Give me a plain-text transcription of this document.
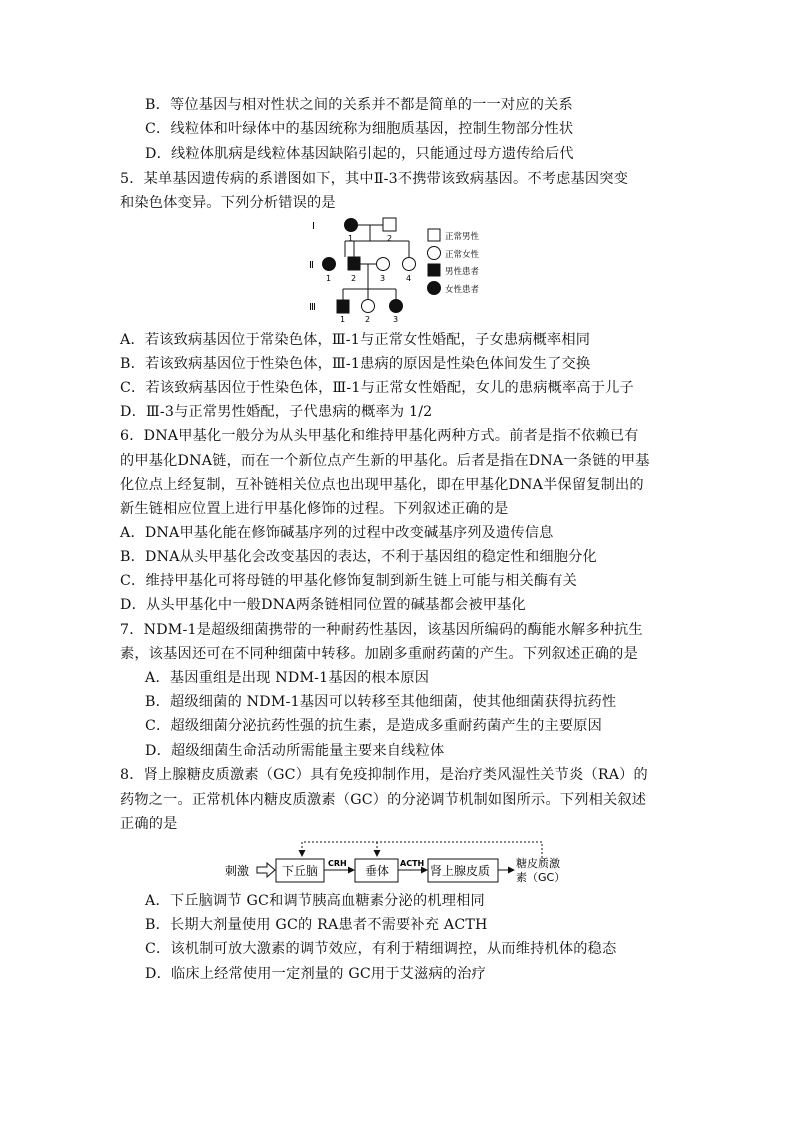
B．等位基因与相对性状之间的关系并不都是简单的一一对应的关系
C．线粒体和叶绿体中的基因统称为细胞质基因，控制生物部分性状
D．线粒体肌病是线粒体基因缺陷引起的，只能通过母方遗传给后代
5．某单基因遗传病的系谱图如下，其中Ⅱ-3不携带该致病基因。不考虑基因突变
和染色体变异。下列分析错误的是
Ⅰ
Ⅱ
Ⅲ
1	2
1 2	3	4
1 2	3
正常男性
正常女性
男性患者
女性患者
A．若该致病基因位于常染色体，Ⅲ-1与正常女性婚配，子女患病概率相同
B．若该致病基因位于性染色体，Ⅲ-1患病的原因是性染色体间发生了交换
C．若该致病基因位于性染色体，Ⅲ-1与正常女性婚配，女儿的患病概率高于儿子
D．Ⅲ-3与正常男性婚配，子代患病的概率为 1/2
6．DNA甲基化一般分为从头甲基化和维持甲基化两种方式。前者是指不依赖已有
的甲基化DNA链，而在一个新位点产生新的甲基化。后者是指在DNA一条链的甲基
化位点上经复制，互补链相关位点也出现甲基化，即在甲基化DNA半保留复制出的
新生链相应位置上进行甲基化修饰的过程。下列叙述正确的是
A．DNA甲基化能在修饰碱基序列的过程中改变碱基序列及遗传信息
B．DNA从头甲基化会改变基因的表达，不利于基因组的稳定性和细胞分化
C．维持甲基化可将母链的甲基化修饰复制到新生链上可能与相关酶有关
D．从头甲基化中一般DNA两条链相同位置的碱基都会被甲基化
7．NDM-1是超级细菌携带的一种耐药性基因，该基因所编码的酶能水解多种抗生
素，该基因还可在不同种细菌中转移。加剧多重耐药菌的产生。下列叙述正确的是
A．基因重组是出现 NDM-1基因的根本原因
B．超级细菌的 NDM-1基因可以转移至其他细菌，使其他细菌获得抗药性
C．超级细菌分泌抗药性强的抗生素，是造成多重耐药菌产生的主要原因
D．超级细菌生命活动所需能量主要来自线粒体
8．肾上腺糖皮质激素（GC）具有免疫抑制作用，是治疗类风湿性关节炎（RA）的
药物之一。正常机体内糖皮质激素（GC）的分泌调节机制如图所示。下列相关叙述
正确的是
刺激	下丘脑
CRH
垂体
ACTH
肾上腺皮质
糖皮质激
素（GC）
A．下丘脑调节 GC和调节胰高血糖素分泌的机理相同
B．长期大剂量使用 GC的 RA患者不需要补充 ACTH
C．该机制可放大激素的调节效应，有利于精细调控，从而维持机体的稳态
D．临床上经常使用一定剂量的 GC用于艾滋病的治疗
